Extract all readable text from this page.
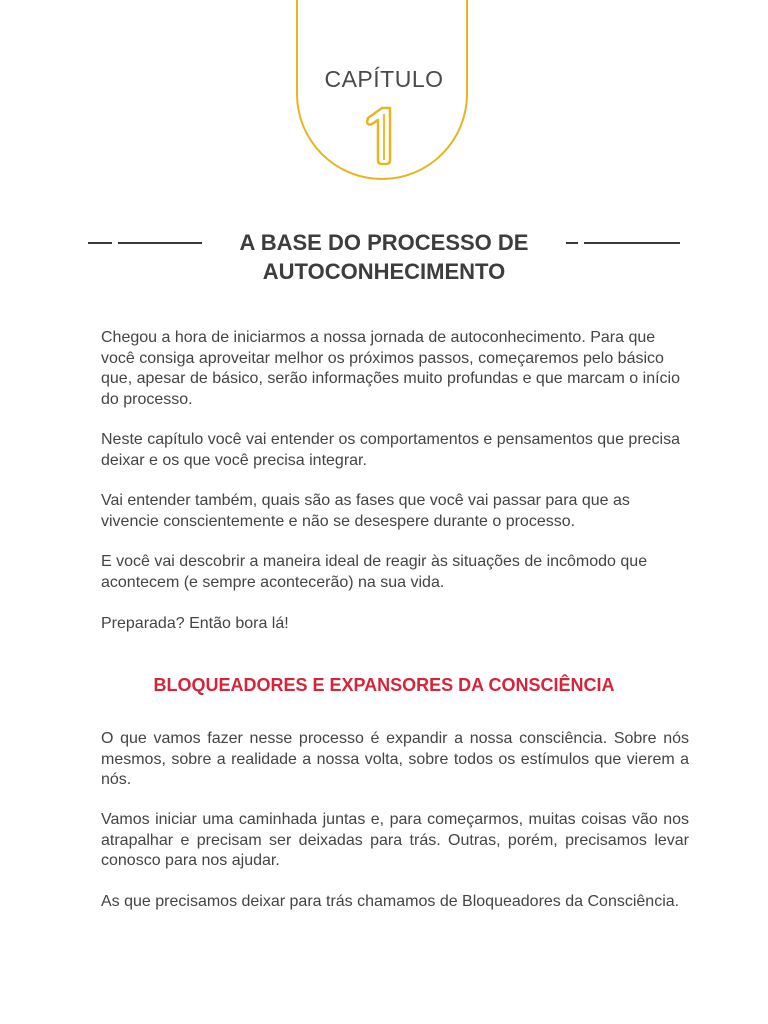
CAPÍTULO
1
A BASE DO PROCESSO DE
AUTOCONHECIMENTO

Chegou a hora de iniciarmos a nossa jornada de autoconhecimento. Para que você consiga aproveitar melhor os próximos passos, começaremos pelo básico que, apesar de básico, serão informações muito profundas e que marcam o início do processo.

Neste capítulo você vai entender os comportamentos e pensamentos que precisa deixar e os que você precisa integrar.

Vai entender também, quais são as fases que você vai passar para que as vivencie conscientemente e não se desespere durante o processo.

E você vai descobrir a maneira ideal de reagir às situações de incômodo que acontecem (e sempre acontecerão) na sua vida.

Preparada? Então bora lá!

BLOQUEADORES E EXPANSORES DA CONSCIÊNCIA

O que vamos fazer nesse processo é expandir a nossa consciência. Sobre nós mesmos, sobre a realidade a nossa volta, sobre todos os estímulos que vierem a nós.

Vamos iniciar uma caminhada juntas e, para começarmos, muitas coisas vão nos atrapalhar e precisam ser deixadas para trás. Outras, porém, precisamos levar conosco para nos ajudar.

As que precisamos deixar para trás chamamos de Bloqueadores da Consciência.
